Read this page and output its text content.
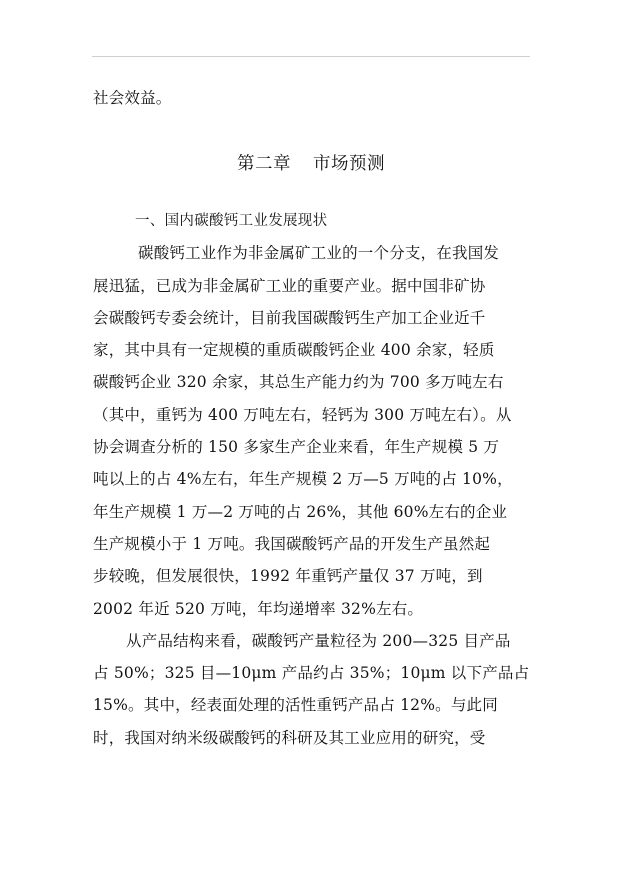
社会效益。
第二章 市场预测
一、国内碳酸钙工业发展现状
碳酸钙工业作为非金属矿工业的一个分支，在我国发
展迅猛，已成为非金属矿工业的重要产业。据中国非矿协
会碳酸钙专委会统计，目前我国碳酸钙生产加工企业近千
家，其中具有一定规模的重质碳酸钙企业 400 余家，轻质
碳酸钙企业 320 余家，其总生产能力约为 700 多万吨左右
（其中，重钙为 400 万吨左右，轻钙为 300 万吨左右）。从
协会调查分析的 150 多家生产企业来看，年生产规模 5 万
吨以上的占 4%左右，年生产规模 2 万—5 万吨的占 10%，
年生产规模 1 万—2 万吨的占 26%，其他 60%左右的企业
生产规模小于 1 万吨。我国碳酸钙产品的开发生产虽然起
步较晚，但发展很快，1992 年重钙产量仅 37 万吨，到
2002 年近 520 万吨，年均递增率 32%左右。
从产品结构来看，碳酸钙产量粒径为 200—325 目产品
占 50%；325 目—10μm 产品约占 35%；10μm 以下产品占
15%。其中，经表面处理的活性重钙产品占 12%。与此同
时，我国对纳米级碳酸钙的科研及其工业应用的研究，受
